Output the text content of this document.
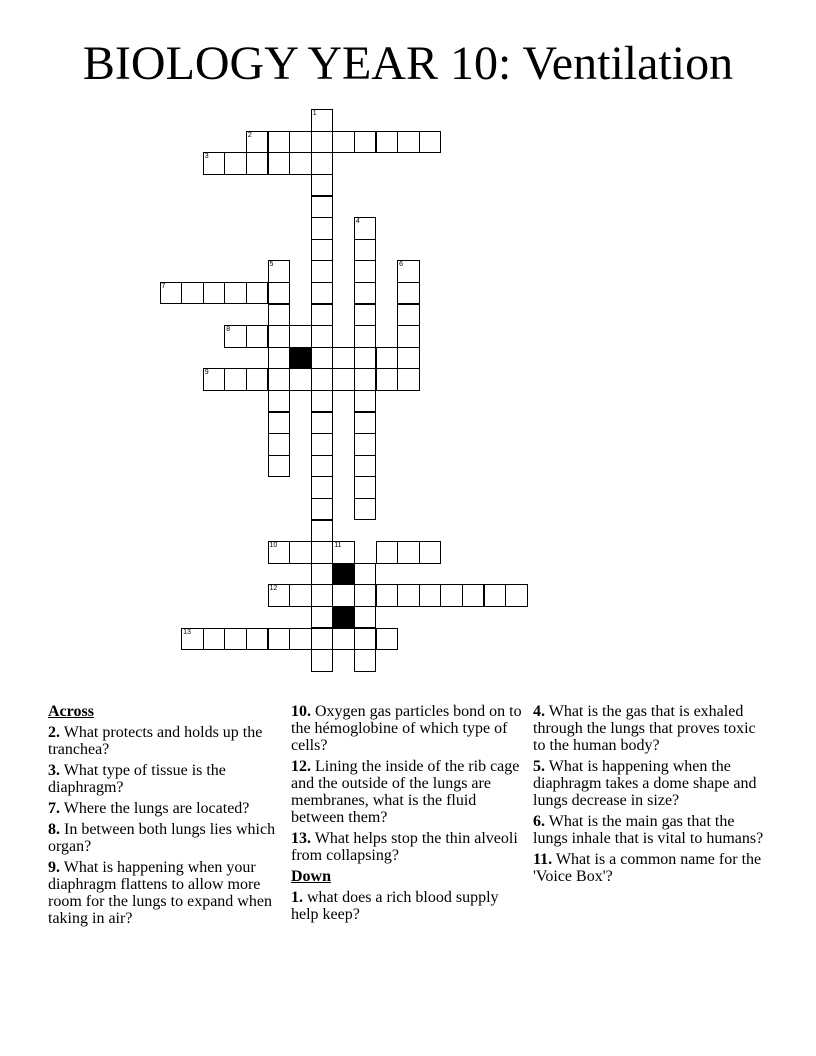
BIOLOGY YEAR 10: Ventilation
1
2
3
4
5	6
7
8
9
10	11
12
13
Across
2. What protects and holds up the tranchea?
3. What type of tissue is the diaphragm?
7. Where the lungs are located?
8. In between both lungs lies which organ?
9. What is happening when your diaphragm flattens to allow more room for the lungs to expand when taking in air?
10. Oxygen gas particles bond on to the hémoglobine of which type of cells?
12. Lining the inside of the rib cage and the outside of the lungs are membranes, what is the fluid between them?
13. What helps stop the thin alveoli from collapsing?
Down
1. what does a rich blood supply help keep?
4. What is the gas that is exhaled through the lungs that proves toxic to the human body?
5. What is happening when the diaphragm takes a dome shape and lungs decrease in size?
6. What is the main gas that the lungs inhale that is vital to humans?
11. What is a common name for the 'Voice Box'?
